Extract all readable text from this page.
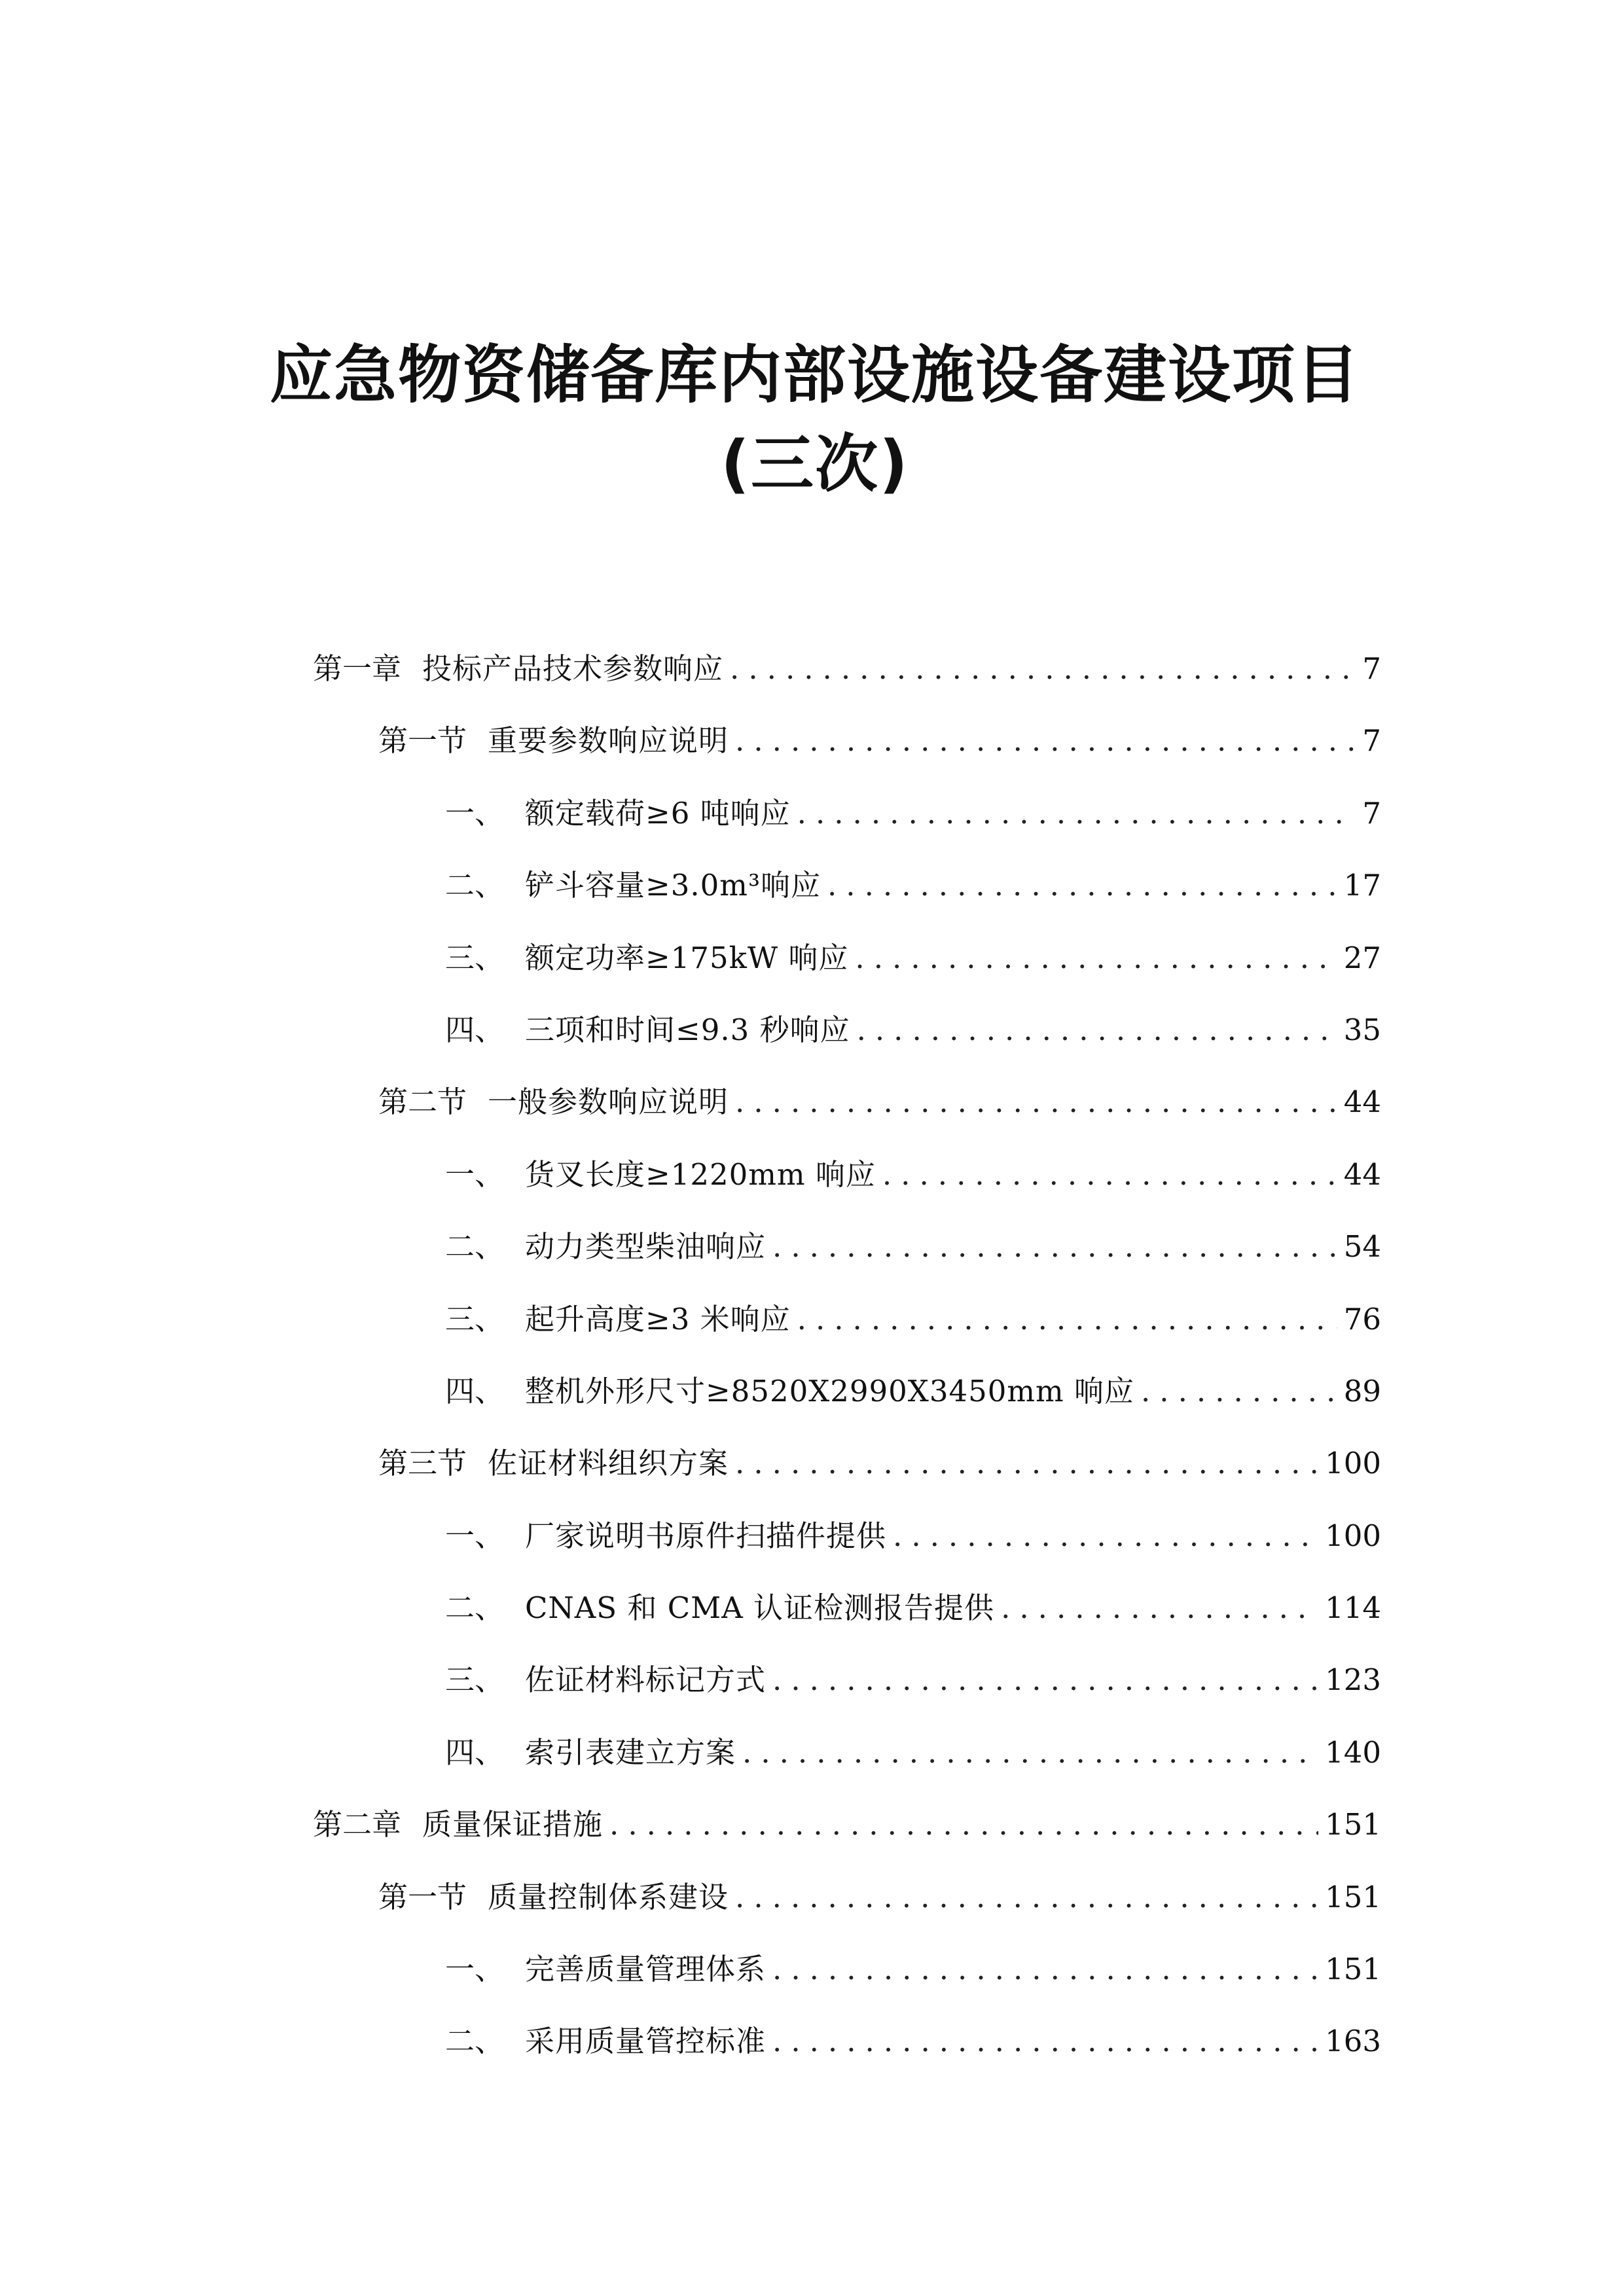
应急物资储备库内部设施设备建设项目(三次)
第一章 投标产品技术参数响应 .....	7
第一节 重要参数响应说明 .....	7
一、 额定载荷≥6 吨响应 .....	7
二、 铲斗容量≥3.0m³响应 .....	17
三、 额定功率≥175kW 响应 .....	27
四、 三项和时间≤9.3 秒响应 .....	35
第二节 一般参数响应说明 .....	44
一、 货叉长度≥1220mm 响应 .....	44
二、 动力类型柴油响应 .....	54
三、 起升高度≥3 米响应 .....	76
四、 整机外形尺寸≥8520X2990X3450mm 响应 .....	89
第三节 佐证材料组织方案 .....	100
一、 厂家说明书原件扫描件提供 .....	100
二、 CNAS 和 CMA 认证检测报告提供 .....	114
三、 佐证材料标记方式 .....	123
四、 索引表建立方案 .....	140
第二章 质量保证措施 .....	151
第一节 质量控制体系建设 .....	151
一、 完善质量管理体系 .....	151
二、 采用质量管控标准 .....	163
